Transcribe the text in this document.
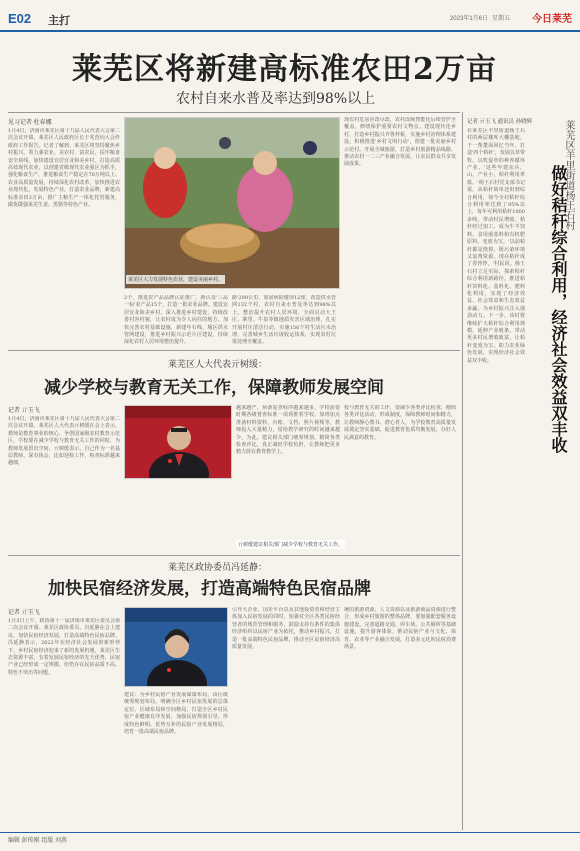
E02 主打	2023年1月6日 星期五 今日莱芜
莱芜区将新建高标准农田2万亩
农村自来水普及率达到98%以上
见习记者 杜春娜
1月4日，济南市莱芜区第十九届人民代表大会第二次会议开幕。莱芜区人民政府区长于兆营向大会作政府工作报告。记者了解到，莱芜区将坚持聚焦乡村振兴，着力强农业、美农村、富农民，扶牢粮食安全底线，加快建设宜居宜业和美乡村。打造高质高效现代农业，以创建省级现代农业强区为抓手，强化粮食生产，推进粮食生产稳定在70万吨以上。农业高质量发展，持续深化农村改革，加快推进农业现代化，发展特色产业，打造农业品牌，新建高标准农田2万亩，推广主粮生产一体化托管服务，做优做强莱芜生姜、黑猪等特色产业。
莱芜区大力发展特色农业，建设美丽乡村。
2个，推进农产品品牌认证推广，新认证'三品一标'农产品15个，打造一批农业品牌。建设宜居宜业和美乡村，深入推进乡村建设，持续改善村容村貌，让农村成为令人向往的地方。加快完善农村基础设施，新建年石线、城区供水管网建设，推进乡村振兴示范片区建设，持续深化农村人居环境整治提升。
路'200公里，加固病险塘坝12座，改造供水管网132个村，农村自来水普及率达到98%以上，整治提升农村人居环境，全面启动大王庄、寨里、牛泉等镇地质灾害区域治理，扎实开展村庄清洁行动，实施156个村生活污水治理，完善城乡生活垃圾收运体系，实现农村垃圾处理全覆盖。
现农村危房应改尽改，农村改厕智能化后续管护全覆盖，修缮保护重要农村文物点。建设现代化乡村，打造乡村振兴齐鲁样板，实施乡村治理体系建设，积极推进'乡村文明行动'，创建一批美丽乡村示范村。开展全域旅游，打造乡村旅游精品线路，推动农村一二三产业融合发展，让农民群众共享发展成果。
莱芜区人大代表亓树缓：
减少学校与教育无关工作，保障教师发展空间
记者 亓玉飞
1月4日，济南市莱芜区第十九届人民代表大会第二次会议开幕。莱芜区人大代表亓树缓在会上表示，教师是教育事业的核心，争创国家级农村教育示范区，学校要在减少学校与教育无关工作的同时，为教师发展留出空间。亓树缓表示，自己作为一名基层教师，深有体会，比如迎检工作，检查标准越来越细，
越来越严，预备复查程序越来越多，学校需要时期各级督查标准一项项推着学校，加班加点准备材料资料，台账、文档、照片视频等，教师投入大量精力，留给教学研究的时间越来越少。为此，建议相关部门统筹规划，精简各类检查评比，真正减轻学校负担，让教师把更多精力放在教育教学上。
亓树缓建议相关部门减少学校与教育无关工作。
校与教育无关的工作，要减少各类评比检查，精简各类评比活动，形成制度，保障教师时间和精力，让教师静心教书、潜心育人，为学校教育高质量发展奠定坚实基础，促进教育优质均衡发展，办好人民满意的教育。
莱芜区政协委员冯延静：
加快民宿经济发展，打造高端特色民宿品牌
记者 亓玉飞
1月3日上午，政协第十一届济南市莱芜区委员会第二次会议开幕。莱芜区政协委员、冯延静在会上建议，加快民宿经济发展，打造高端特色民宿品牌。冯延静表示，2022年在经济社会发展的新形势下，乡村民宿经济迎来了新的发展机遇，莱芜区生态资源丰富，有着发展民宿经济的先天优势，民宿产业已经形成一定规模，但仍存在民宿品质不高、特色不突出等问题。
建议：为乡村民宿产业发展谋篇布局，由区级统筹规划布局，明确全区乡村民宿发展的总体定位、区域布局和空间格局，打造全区乡村民宿产业健康有序发展，加强民宿规划引导，形成特色鲜明、优势互补的民宿产业发展格局，培育一批高端民宿品牌。
引导大企业、国企平台以及其他投资者和经营主体加入民宿发展的同时，加强对全区各类民宿经营者的规范管理和服务，鼓励支持有条件的集体经济组织以民宿产业为依托，推动乡村振兴，打造一批高端特色民宿品牌，推动全区民宿经济高质量发展。
统的旅游资源，人文资源以及旅游商品资源进行整合，形成乡村旅游的整体品牌。要加强配套服务设施建设，完善道路交通、停车场、公共厕所等基础设施，提升游客体验，推动民宿产业与文化、体育、农业等产业融合发展，打造多元化的民宿消费场景。
记者 亓玉飞 通讯员 孙晓辉
在莱芜区羊里街道杨王石村的两层楼库大棚基地，干一帮董面回忆当年，打造'四个秸秆'，发展以草带牧、以牧促草的种养循环产业。'这些年建东兵，山，产业小，秸秆利用率低。'杨王石村党支部书记说，从秸秆简单还田到综合利用，如今全村秸秆综合利用率达到了95%以上，每年可利用秸秆1000多吨，带动村民增收。秸秆经过加工，成为牛羊饲料、食用菌基料和有机肥原料，变废为宝。'以前秸秆都是烧掉，既污染环境又浪费资源，现在秸秆成了香饽饽。'村民说。杨王石村立足实际，探索秸秆综合利用新路径，推进秸秆饲料化、基料化、肥料化利用，实现了经济效益、社会效益和生态效益多赢，为乡村振兴注入强劲动力。下一步，该村将继续扩大秸秆综合利用规模，延伸产业链条，带动更多村民增收致富，让秸秆变废为宝，助力农业绿色发展，实现经济社会效益双丰收。	做好秸秆综合利用，经济社会效益双丰收
莱芜区羊里街道杨王石村
编辑 彭传刚 组版 刘燕
